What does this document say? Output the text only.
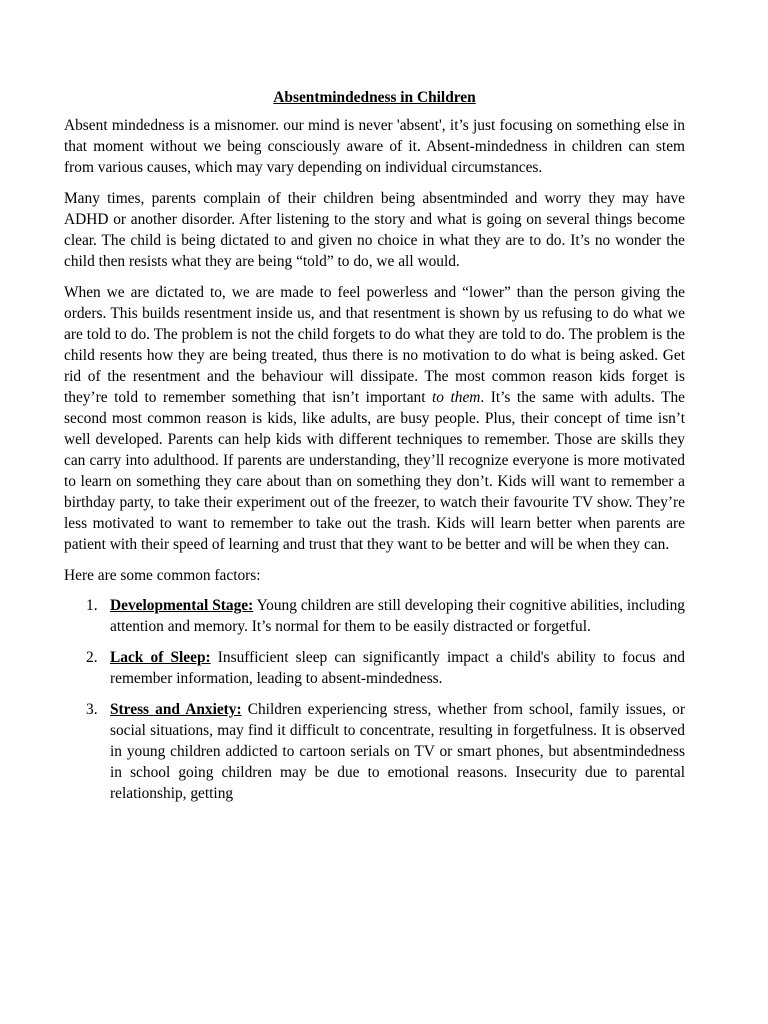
Absentmindedness in Children

Absent mindedness is a misnomer. our mind is never 'absent', it’s just focusing on something else in that moment without we being consciously aware of it. Absent-mindedness in children can stem from various causes, which may vary depending on individual circumstances.

Many times, parents complain of their children being absentminded and worry they may have ADHD or another disorder. After listening to the story and what is going on several things become clear. The child is being dictated to and given no choice in what they are to do. It’s no wonder the child then resists what they are being “told” to do, we all would.

When we are dictated to, we are made to feel powerless and “lower” than the person giving the orders. This builds resentment inside us, and that resentment is shown by us refusing to do what we are told to do. The problem is not the child forgets to do what they are told to do. The problem is the child resents how they are being treated, thus there is no motivation to do what is being asked. Get rid of the resentment and the behaviour will dissipate. The most common reason kids forget is they’re told to remember something that isn’t important to them. It’s the same with adults. The second most common reason is kids, like adults, are busy people. Plus, their concept of time isn’t well developed. Parents can help kids with different techniques to remember. Those are skills they can carry into adulthood. If parents are understanding, they’ll recognize everyone is more motivated to learn on something they care about than on something they don’t. Kids will want to remember a birthday party, to take their experiment out of the freezer, to watch their favourite TV show. They’re less motivated to want to remember to take out the trash. Kids will learn better when parents are patient with their speed of learning and trust that they want to be better and will be when they can.

Here are some common factors:

1. Developmental Stage: Young children are still developing their cognitive abilities, including attention and memory. It’s normal for them to be easily distracted or forgetful.
2. Lack of Sleep: Insufficient sleep can significantly impact a child's ability to focus and remember information, leading to absent-mindedness.
3. Stress and Anxiety: Children experiencing stress, whether from school, family issues, or social situations, may find it difficult to concentrate, resulting in forgetfulness. It is observed in young children addicted to cartoon serials on TV or smart phones, but absentmindedness in school going children may be due to emotional reasons. Insecurity due to parental relationship, getting
